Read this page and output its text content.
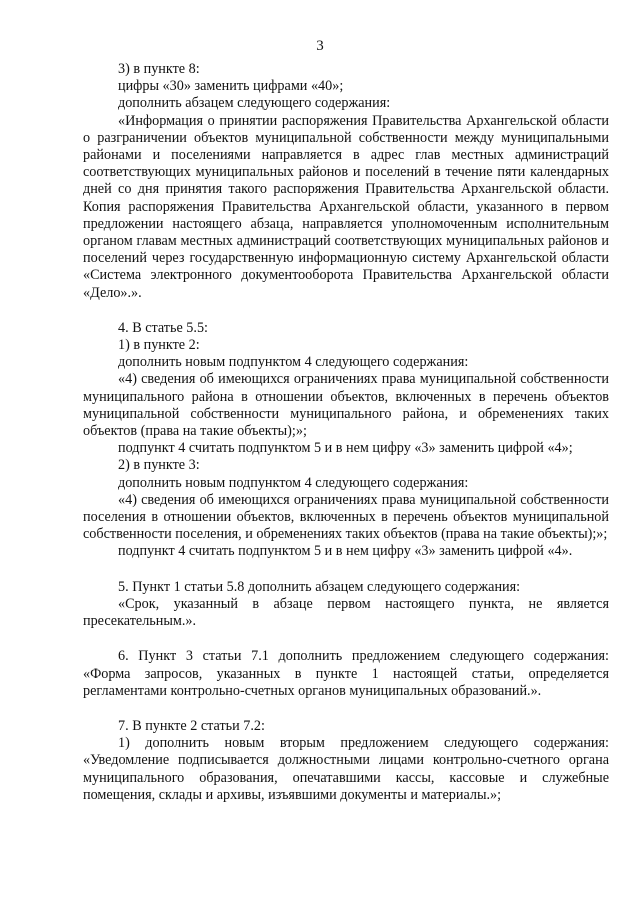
3

3) в пункте 8:

цифры «30» заменить цифрами «40»;

дополнить абзацем следующего содержания:

«Информация о принятии распоряжения Правительства Архангельской области о разграничении объектов муниципальной собственности между муниципальными районами и поселениями направляется в адрес глав местных администраций соответствующих муниципальных районов и поселений в течение пяти календарных дней со дня принятия такого распоряжения Правительства Архангельской области. Копия распоряжения Правительства Архангельской области, указанного в первом предложении настоящего абзаца, направляется уполномоченным исполнительным органом главам местных администраций соответствующих муниципальных районов и поселений через государственную информационную систему Архангельской области «Система электронного документооборота Правительства Архангельской области «Дело».».

4. В статье 5.5:

1) в пункте 2:

дополнить новым подпунктом 4 следующего содержания:

«4) сведения об имеющихся ограничениях права муниципальной собственности муниципального района в отношении объектов, включенных в перечень объектов муниципальной собственности муниципального района, и обременениях таких объектов (права на такие объекты);»;

подпункт 4 считать подпунктом 5 и в нем цифру «3» заменить цифрой «4»;

2) в пункте 3:

дополнить новым подпунктом 4 следующего содержания:

«4) сведения об имеющихся ограничениях права муниципальной собственности поселения в отношении объектов, включенных в перечень объектов муниципальной собственности поселения, и обременениях таких объектов (права на такие объекты);»;

подпункт 4 считать подпунктом 5 и в нем цифру «3» заменить цифрой «4».

5. Пункт 1 статьи 5.8 дополнить абзацем следующего содержания:

«Срок, указанный в абзаце первом настоящего пункта, не является пресекательным.».

6. Пункт 3 статьи 7.1 дополнить предложением следующего содержания: «Форма запросов, указанных в пункте 1 настоящей статьи, определяется регламентами контрольно-счетных органов муниципальных образований.».

7. В пункте 2 статьи 7.2:

1) дополнить новым вторым предложением следующего содержания: «Уведомление подписывается должностными лицами контрольно-счетного органа муниципального образования, опечатавшими кассы, кассовые и служебные помещения, склады и архивы, изъявшими документы и материалы.»;
